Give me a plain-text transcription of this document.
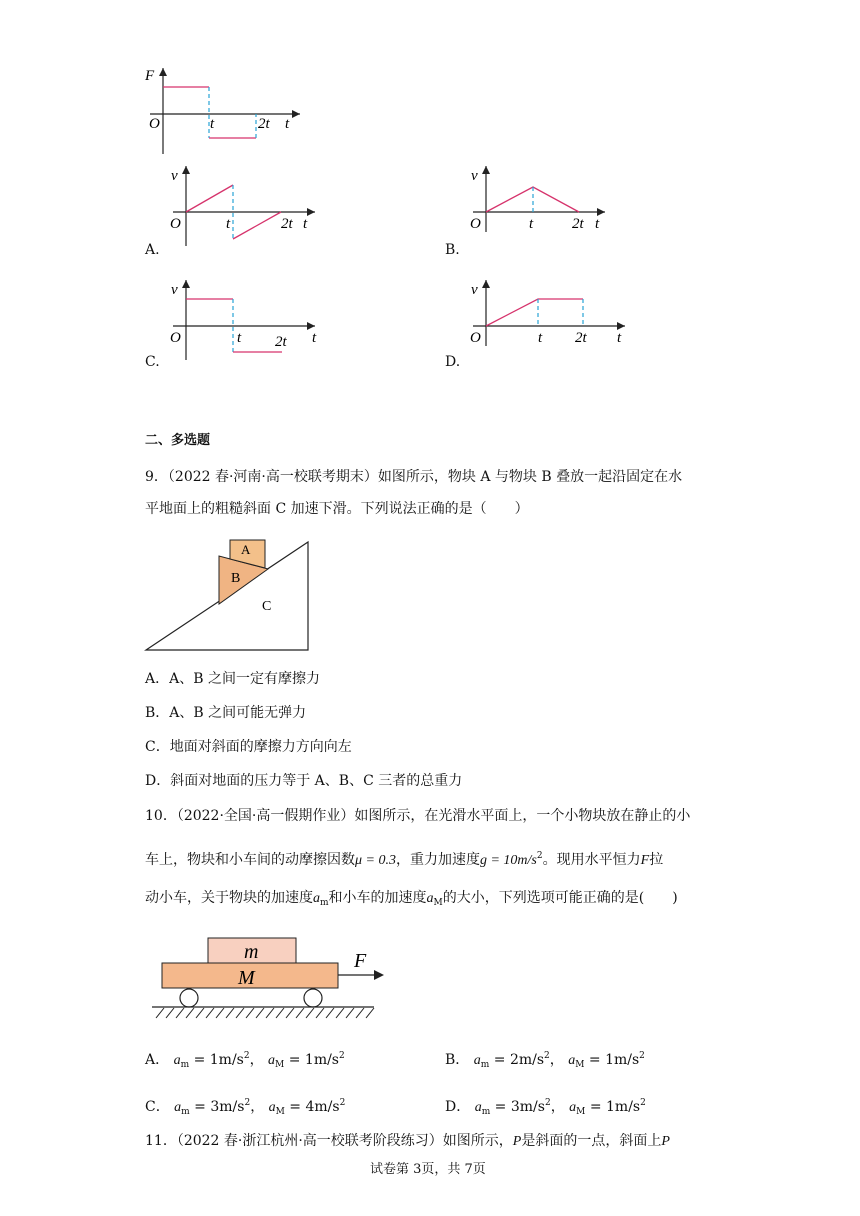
F
O	t	2t t
v
O	t	2t t
A.
v
O	t	2t t
B.
v
O	t 2t t
C.
v
O	t 2t t
D.
二、多选题
9．（2022 春·河南·高一校联考期末）如图所示，物块 A 与物块 B 叠放一起沿固定在水
平地面上的粗糙斜面 C 加速下滑。下列说法正确的是（　　）
A
B
C
A．A、B 之间一定有摩擦力
B．A、B 之间可能无弹力
C．地面对斜面的摩擦力方向向左
D．斜面对地面的压力等于 A、B、C 三者的总重力
10．（2022·全国·高一假期作业）如图所示，在光滑水平面上，一个小物块放在静止的小
车上，物块和小车间的动摩擦因数μ = 0.3，重力加速度$g = 10m/s^2$。现用水平恒力F拉
动小车，关于物块的加速度$a_m$和小车的加速度$a_M$的大小，下列选项可能正确的是(　　)
m
M
F
A． $a_m = 1m/s^2$， $a_M = 1m/s^2$	B． $a_m = 2m/s^2$， $a_M = 1m/s^2$
C． $a_m = 3m/s^2$， $a_M = 4m/s^2$	D． $a_m = 3m/s^2$， $a_M = 1m/s^2$
11．（2022 春·浙江杭州·高一校联考阶段练习）如图所示，P是斜面的一点，斜面上P
试卷第 3页，共 7页
